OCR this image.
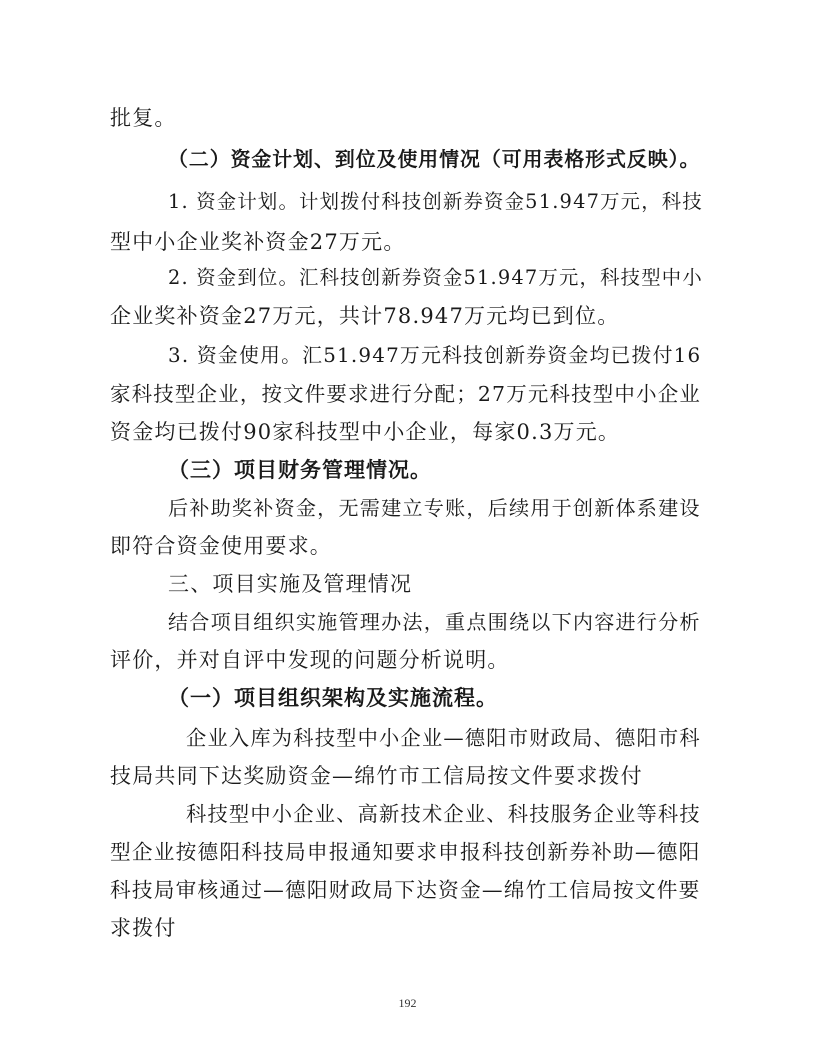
批复。
（二）资金计划、到位及使用情况（可用表格形式反映）。
1. 资金计划。计划拨付科技创新券资金51.947万元，科技
型中小企业奖补资金27万元。
2. 资金到位。汇科技创新券资金51.947万元，科技型中小
企业奖补资金27万元，共计78.947万元均已到位。
3. 资金使用。汇51.947万元科技创新券资金均已拨付16
家科技型企业，按文件要求进行分配；27万元科技型中小企业
资金均已拨付90家科技型中小企业，每家0.3万元。
（三）项目财务管理情况。
后补助奖补资金，无需建立专账，后续用于创新体系建设
即符合资金使用要求。
三、项目实施及管理情况
结合项目组织实施管理办法，重点围绕以下内容进行分析
评价，并对自评中发现的问题分析说明。
（一）项目组织架构及实施流程。
企业入库为科技型中小企业—德阳市财政局、德阳市科
技局共同下达奖励资金—绵竹市工信局按文件要求拨付
科技型中小企业、高新技术企业、科技服务企业等科技
型企业按德阳科技局申报通知要求申报科技创新券补助—德阳
科技局审核通过—德阳财政局下达资金—绵竹工信局按文件要
求拨付
192
